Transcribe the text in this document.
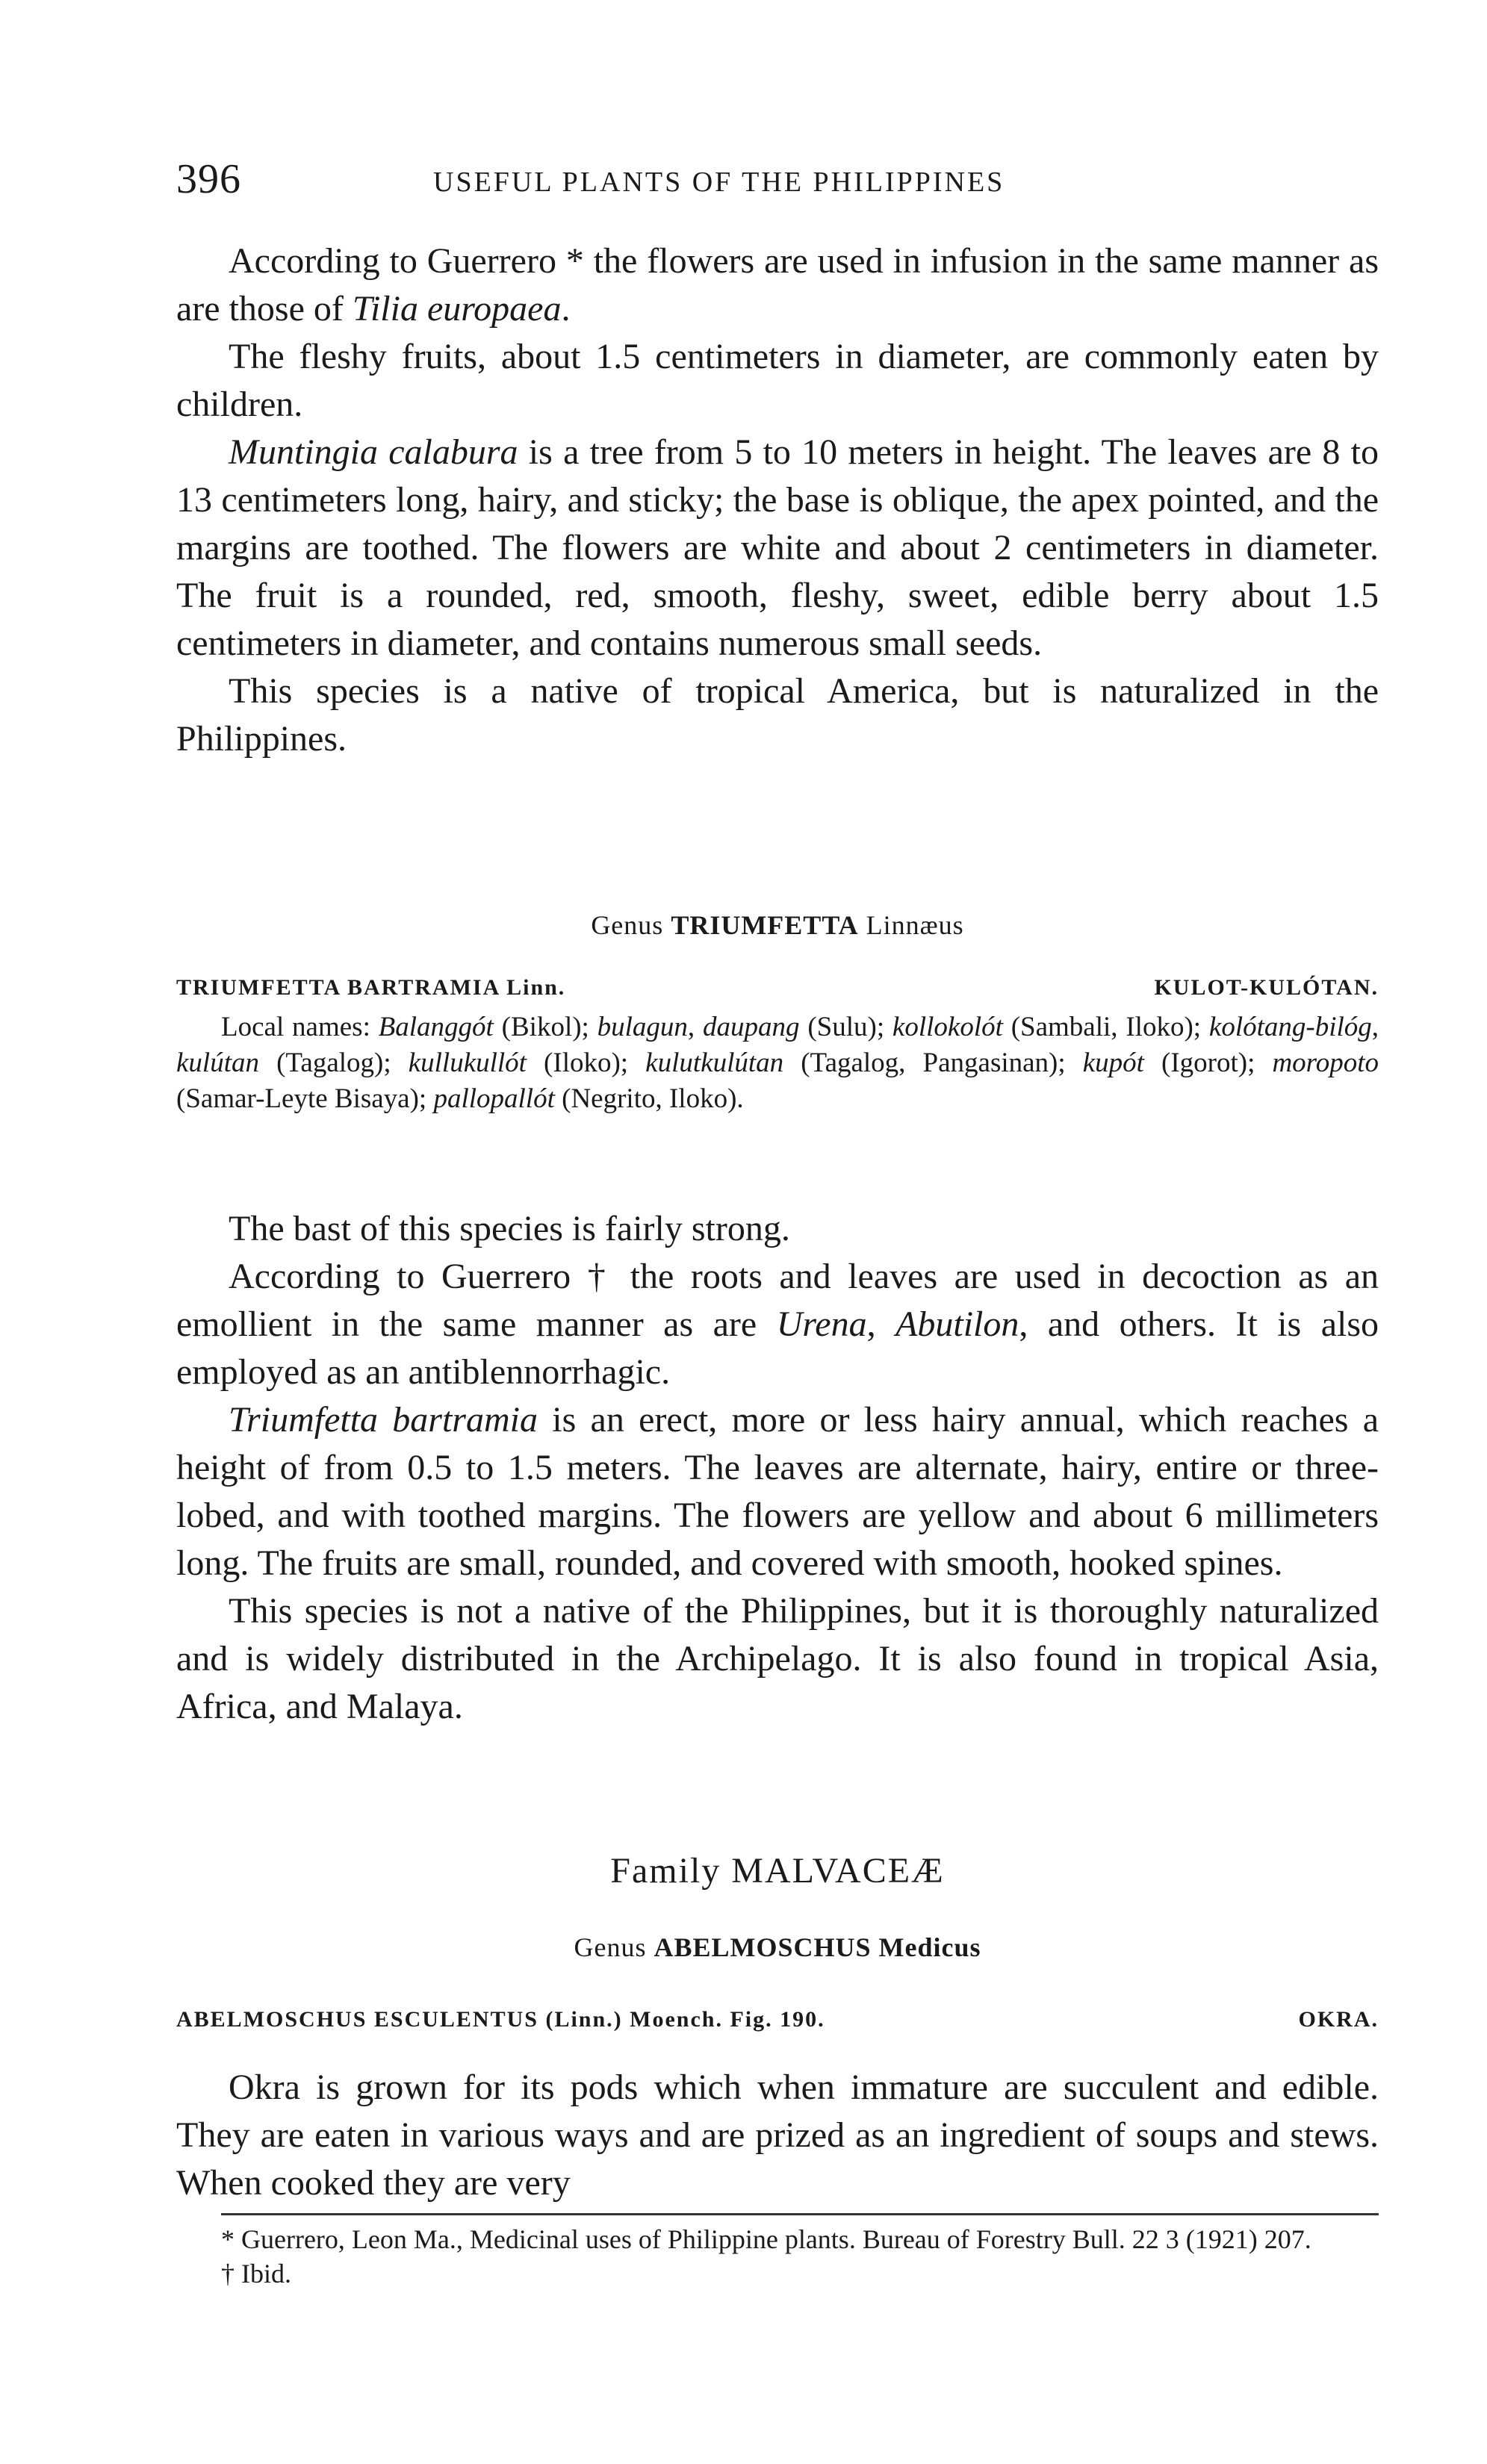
396	USEFUL PLANTS OF THE PHILIPPINES

According to Guerrero * the flowers are used in infusion in the same manner as are those of Tilia europaea.

The fleshy fruits, about 1.5 centimeters in diameter, are commonly eaten by children.

Muntingia calabura is a tree from 5 to 10 meters in height. The leaves are 8 to 13 centimeters long, hairy, and sticky; the base is oblique, the apex pointed, and the margins are toothed. The flowers are white and about 2 centimeters in diameter. The fruit is a rounded, red, smooth, fleshy, sweet, edible berry about 1.5 centimeters in diameter, and contains numerous small seeds.

This species is a native of tropical America, but is naturalized in the Philippines.

Genus TRIUMFETTA Linnæus
TRIUMFETTA BARTRAMIA Linn.	KULOT-KULÓTAN.

Local names: Balanggót (Bikol); bulagun, daupang (Sulu); kollokolót (Sambali, Iloko); kolótang-bilóg, kulútan (Tagalog); kullukullót (Iloko); kulutkulútan (Tagalog, Pangasinan); kupót (Igorot); moropoto (Samar-Leyte Bisaya); pallopallót (Negrito, Iloko).

The bast of this species is fairly strong.

According to Guerrero † the roots and leaves are used in decoction as an emollient in the same manner as are Urena, Abutilon, and others. It is also employed as an antiblennorrhagic.

Triumfetta bartramia is an erect, more or less hairy annual, which reaches a height of from 0.5 to 1.5 meters. The leaves are alternate, hairy, entire or three-lobed, and with toothed margins. The flowers are yellow and about 6 millimeters long. The fruits are small, rounded, and covered with smooth, hooked spines.

This species is not a native of the Philippines, but it is thoroughly naturalized and is widely distributed in the Archipelago. It is also found in tropical Asia, Africa, and Malaya.

Family MALVACEÆ
Genus ABELMOSCHUS Medicus
ABELMOSCHUS ESCULENTUS (Linn.) Moench. Fig. 190.	OKRA.

Okra is grown for its pods which when immature are succulent and edible. They are eaten in various ways and are prized as an ingredient of soups and stews. When cooked they are very

* Guerrero, Leon Ma., Medicinal uses of Philippine plants. Bureau of Forestry Bull. 22 3 (1921) 207.

† Ibid.
